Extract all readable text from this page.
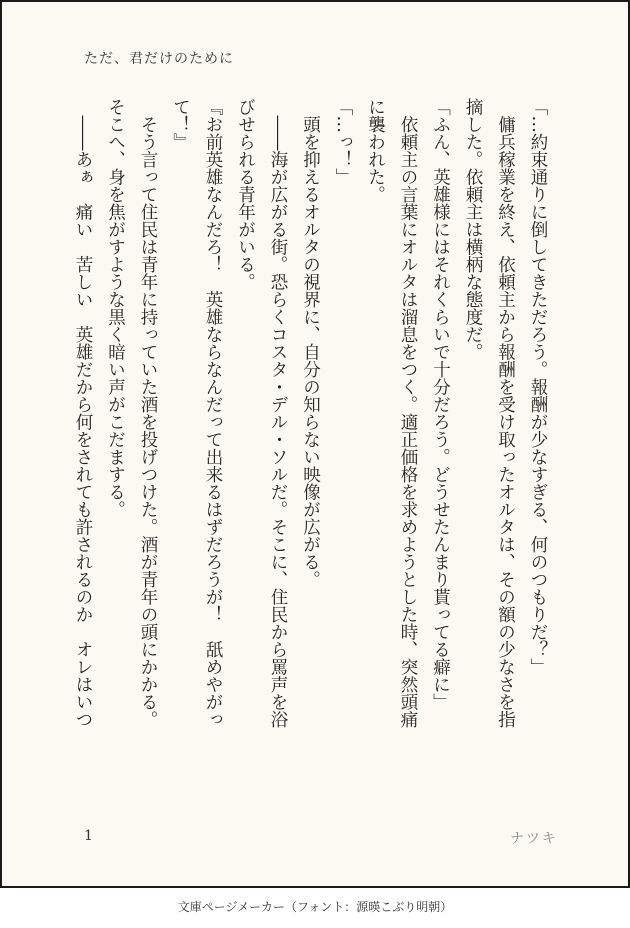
ただ、君だけのために
「…約束通りに倒してきただろう。報酬が少なすぎる、何のつもりだ？」
　傭兵稼業を終え、依頼主から報酬を受け取ったオルタは、その額の少なさを指
摘した。依頼主は横柄な態度だ。
「ふん、英雄様にはそれくらいで十分だろう。どうせたんまり貰ってる癖に」
　依頼主の言葉にオルタは溜息をつく。適正価格を求めようとした時、突然頭痛
に襲われた。
「…っ！」
　頭を抑えるオルタの視界に、自分の知らない映像が広がる。
　――海が広がる街。恐らくコスタ・デル・ソルだ。そこに、住民から罵声を浴
びせられる青年がいる。
『お前英雄なんだろ！　英雄ならなんだって出来るはずだろうが！　舐めやがっ
て！』
　そう言って住民は青年に持っていた酒を投げつけた。酒が青年の頭にかかる。
そこへ、身を焦がすような黒く暗い声がこだまする。
　――あぁ　痛い　苦しい　英雄だから何をされても許されるのか　オレはいつ
1	ナツキ
文庫ページメーカー（フォント：源暎こぶり明朝）
